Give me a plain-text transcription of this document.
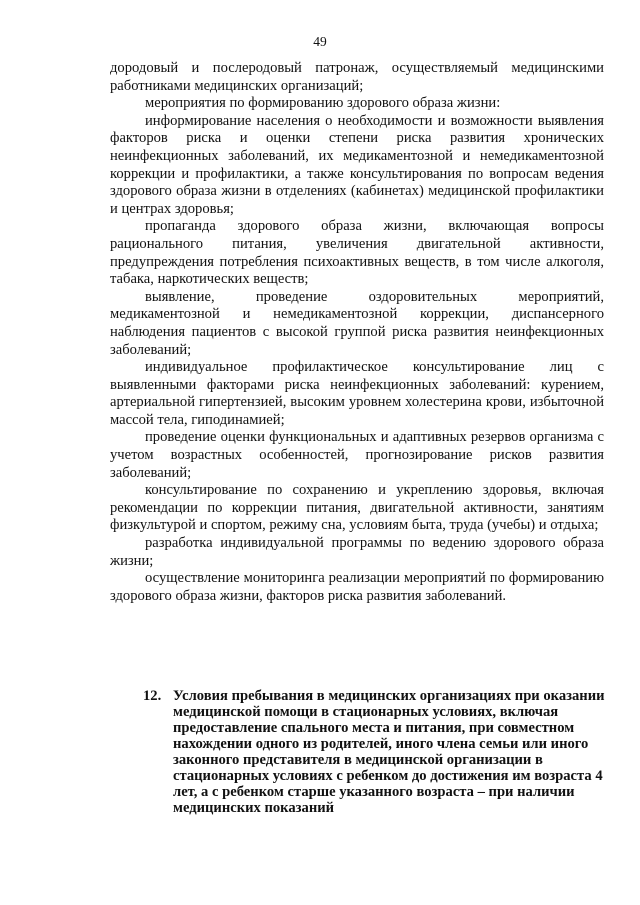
49

дородовый и послеродовый патронаж, осуществляемый медицинскими работниками медицинских организаций;

мероприятия по формированию здорового образа жизни:

информирование населения о необходимости и возможности выявления факторов риска и оценки степени риска развития хронических неинфекционных заболеваний, их медикаментозной и немедикаментозной коррекции и профилактики, а также консультирования по вопросам ведения здорового образа жизни в отделениях (кабинетах) медицинской профилактики и центрах здоровья;

пропаганда здорового образа жизни, включающая вопросы рационального питания, увеличения двигательной активности, предупреждения потребления психоактивных веществ, в том числе алкоголя, табака, наркотических веществ;

выявление, проведение оздоровительных мероприятий, медикаментозной и немедикаментозной коррекции, диспансерного наблюдения пациентов с высокой группой риска развития неинфекционных заболеваний;

индивидуальное профилактическое консультирование лиц с выявленными факторами риска неинфекционных заболеваний: курением, артериальной гипертензией, высоким уровнем холестерина крови, избыточной массой тела, гиподинамией;

проведение оценки функциональных и адаптивных резервов организма с учетом возрастных особенностей, прогнозирование рисков развития заболеваний;

консультирование по сохранению и укреплению здоровья, включая рекомендации по коррекции питания, двигательной активности, занятиям физкультурой и спортом, режиму сна, условиям быта, труда (учебы) и отдыха;

разработка индивидуальной программы по ведению здорового образа жизни;

осуществление мониторинга реализации мероприятий по формированию здорового образа жизни, факторов риска развития заболеваний.

12. Условия пребывания в медицинских организациях при оказании медицинской помощи в стационарных условиях, включая предоставление спального места и питания, при совместном нахождении одного из родителей, иного члена семьи или иного законного представителя в медицинской организации в стационарных условиях с ребенком до достижения им возраста 4 лет, а с ребенком старше указанного возраста – при наличии медицинских показаний
